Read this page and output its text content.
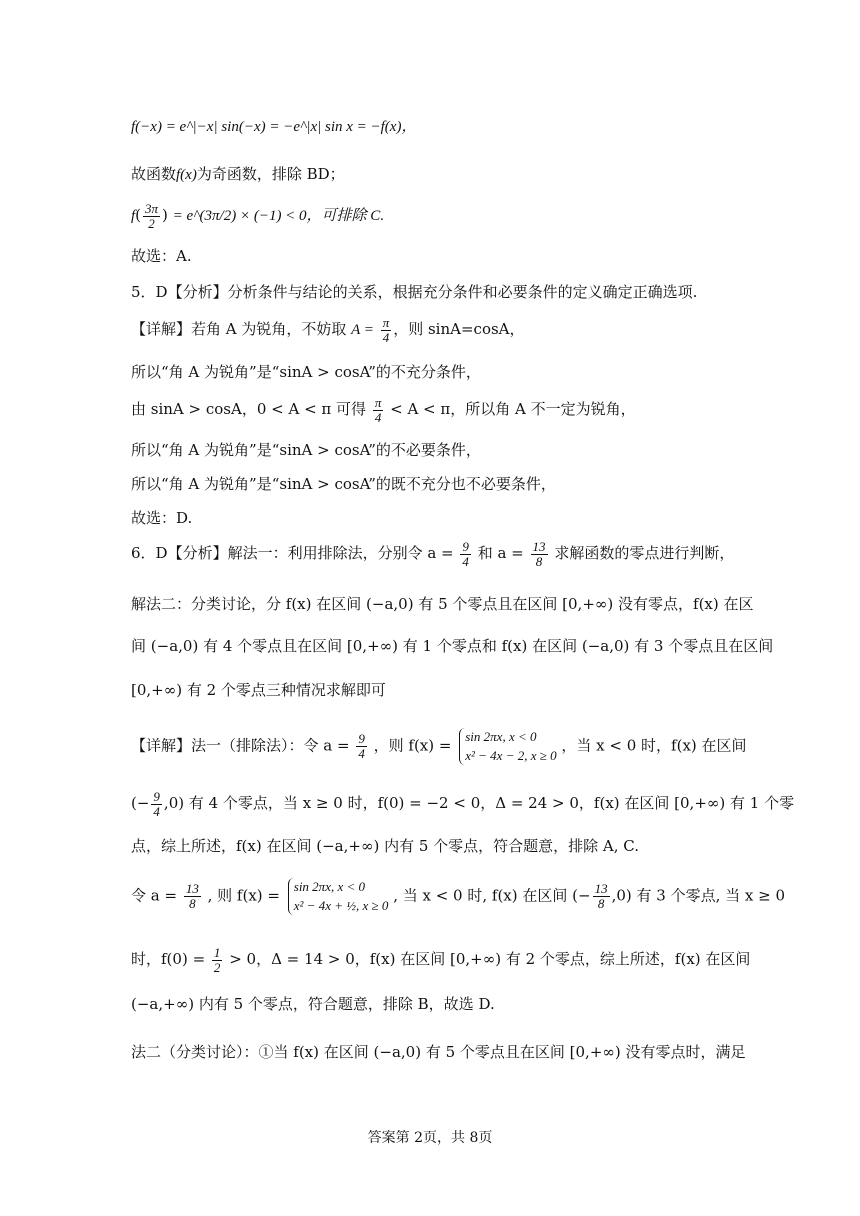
f(−x) = e^|−x| sin(−x) = −e^|x| sin x = −f(x)，
故函数f(x)为奇函数，排除 BD；
$f( \frac{3\pi}{2}$ ) = e^(3π/2) × (−1) < 0，可排除 C.
故选：A.
5．D【分析】分析条件与结论的关系，根据充分条件和必要条件的定义确定正确选项.
【详解】若角 A 为锐角，不妨取 $A = \frac{\pi}{4}$ ，则 sinA=cosA，
所以“角 A 为锐角”是“sinA > cosA”的不充分条件，
由 sinA > cosA，0 < A < π 可得 $\frac{\pi}{4} < A < \pi$，所以角 A 不一定为锐角，
所以“角 A 为锐角”是“sinA > cosA”的不必要条件，
所以“角 A 为锐角”是“sinA > cosA”的既不充分也不必要条件，
故选：D.
6．D【分析】解法一：利用排除法，分别令 $a = \frac{9}{4}$ 和 $a = \frac{13}{8}$ 求解函数的零点进行判断，
解法二：分类讨论，分 f(x) 在区间 (−a,0) 有 5 个零点且在区间 [0,+∞) 没有零点，f(x) 在区
间 (−a,0) 有 4 个零点且在区间 [0,+∞) 有 1 个零点和 f(x) 在区间 (−a,0) 有 3 个零点且在区间
[0,+∞) 有 2 个零点三种情况求解即可
【详解】法一（排除法）：令 $a = \frac{9}{4}$ ，则 f(x) = sin 2πx, x < 0
x² − 4x − 2, x ≥ 0 ，当 x < 0 时，f(x) 在区间
(− $\frac{9}{4} ,0$) 有 4 个零点，当 x ≥ 0 时，f(0) = −2 < 0，Δ = 24 > 0，f(x) 在区间 [0,+∞) 有 1 个零
点，综上所述，f(x) 在区间 (−a,+∞) 内有 5 个零点，符合题意，排除 A, C.
令 $a = \frac{13}{8}$ , 则 f(x) = sin 2πx, x < 0
x² − 4x + ½, x ≥ 0 , 当 x < 0 时, f(x) 在区间 (− $\frac{13}{8} ,0$) 有 3 个零点, 当 x ≥ 0
时，$f(0) = \frac{1}{2} > 0$，Δ = 14 > 0，f(x) 在区间 [0,+∞) 有 2 个零点，综上所述，f(x) 在区间
(−a,+∞) 内有 5 个零点，符合题意，排除 B，故选 D.
法二（分类讨论）：①当 f(x) 在区间 (−a,0) 有 5 个零点且在区间 [0,+∞) 没有零点时，满足
答案第 2页，共 8页
